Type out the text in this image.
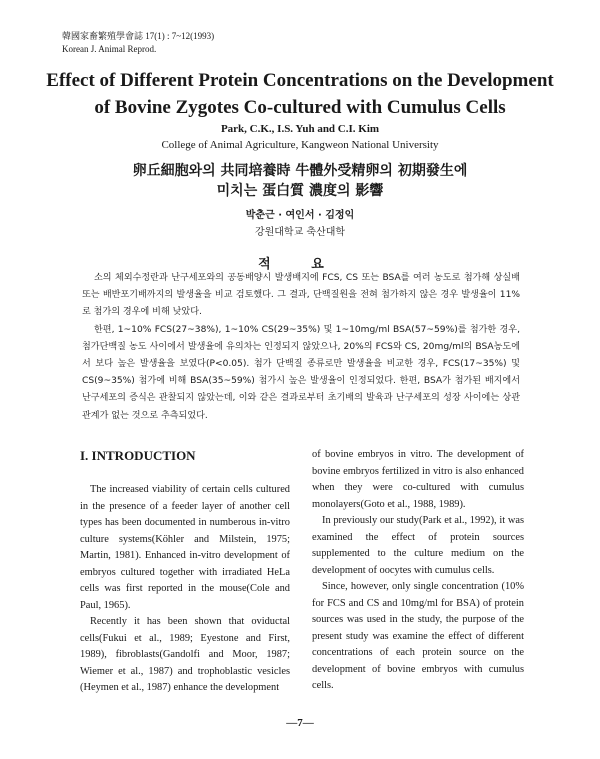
韓國家畜繁殖學會誌 17(1) : 7~12(1993)
Korean J. Animal Reprod.
Effect of Different Protein Concentrations on the Development
of Bovine Zygotes Co-cultured with Cumulus Cells
Park, C.K., I.S. Yuh and C.I. Kim
College of Animal Agriculture, Kangweon National University
卵丘細胞와의 共同培養時 牛體外受精卵의 初期發生에
미치는 蛋白質 濃度의 影響
박춘근 · 여인서 · 김정익
강원대학교 축산대학
적 요

소의 체외수정란과 난구세포와의 공동배양시 발생배지에 FCS, CS 또는 BSA를 여러 농도로 첨가해 상실배 또는 배반포기배까지의 발생율을 비교 검토했다. 그 결과, 단백질원을 전혀 첨가하지 않은 경우 발생율이 11%로 첨가의 경우에 비해 낮았다.

한편, 1~10% FCS(27~38%), 1~10% CS(29~35%) 및 1~10mg/ml BSA(57~59%)를 첨가한 경우, 첨가단백질 농도 사이에서 발생율에 유의차는 인정되지 않았으나, 20%의 FCS와 CS, 20mg/ml의 BSA농도에서 보다 높은 발생율을 보였다(P<0.05). 첨가 단백질 종류로만 발생율을 비교한 경우, FCS(17~35%) 및 CS(9~35%) 첨가에 비해 BSA(35~59%) 첨가시 높은 발생율이 인정되었다. 한편, BSA가 첨가된 배지에서 난구세포의 증식은 관찰되지 않았는데, 이와 같은 결과로부터 초기배의 발육과 난구세포의 성장 사이에는 상관관계가 없는 것으로 추측되었다.

I. INTRODUCTION

The increased viability of certain cells cultured in the presence of a feeder layer of another cell types has been documented in numberous in-vitro culture systems(Köhler and Milstein, 1975; Martin, 1981). Enhanced in-vitro development of embryos cultured together with irradiated HeLa cells was first reported in the mouse(Cole and Paul, 1965).

Recently it has been shown that oviductal cells(Fukui et al., 1989; Eyestone and First, 1989), fibroblasts(Gandolfi and Moor, 1987; Wiemer et al., 1987) and trophoblastic vesicles (Heymen et al., 1987) enhance the development

of bovine embryos in vitro. The development of bovine embryos fertilized in vitro is also enhanced when they were co-cultured with cumulus monolayers(Goto et al., 1988, 1989).

In previously our study(Park et al., 1992), it was examined the effect of protein sources supplemented to the culture medium on the development of oocytes with cumulus cells.

Since, however, only single concentration (10% for FCS and CS and 10mg/ml for BSA) of protein sources was used in the study, the purpose of the present study was examine the effect of different concentrations of each protein source on the development of bovine embryos with cumulus cells.

—7—
